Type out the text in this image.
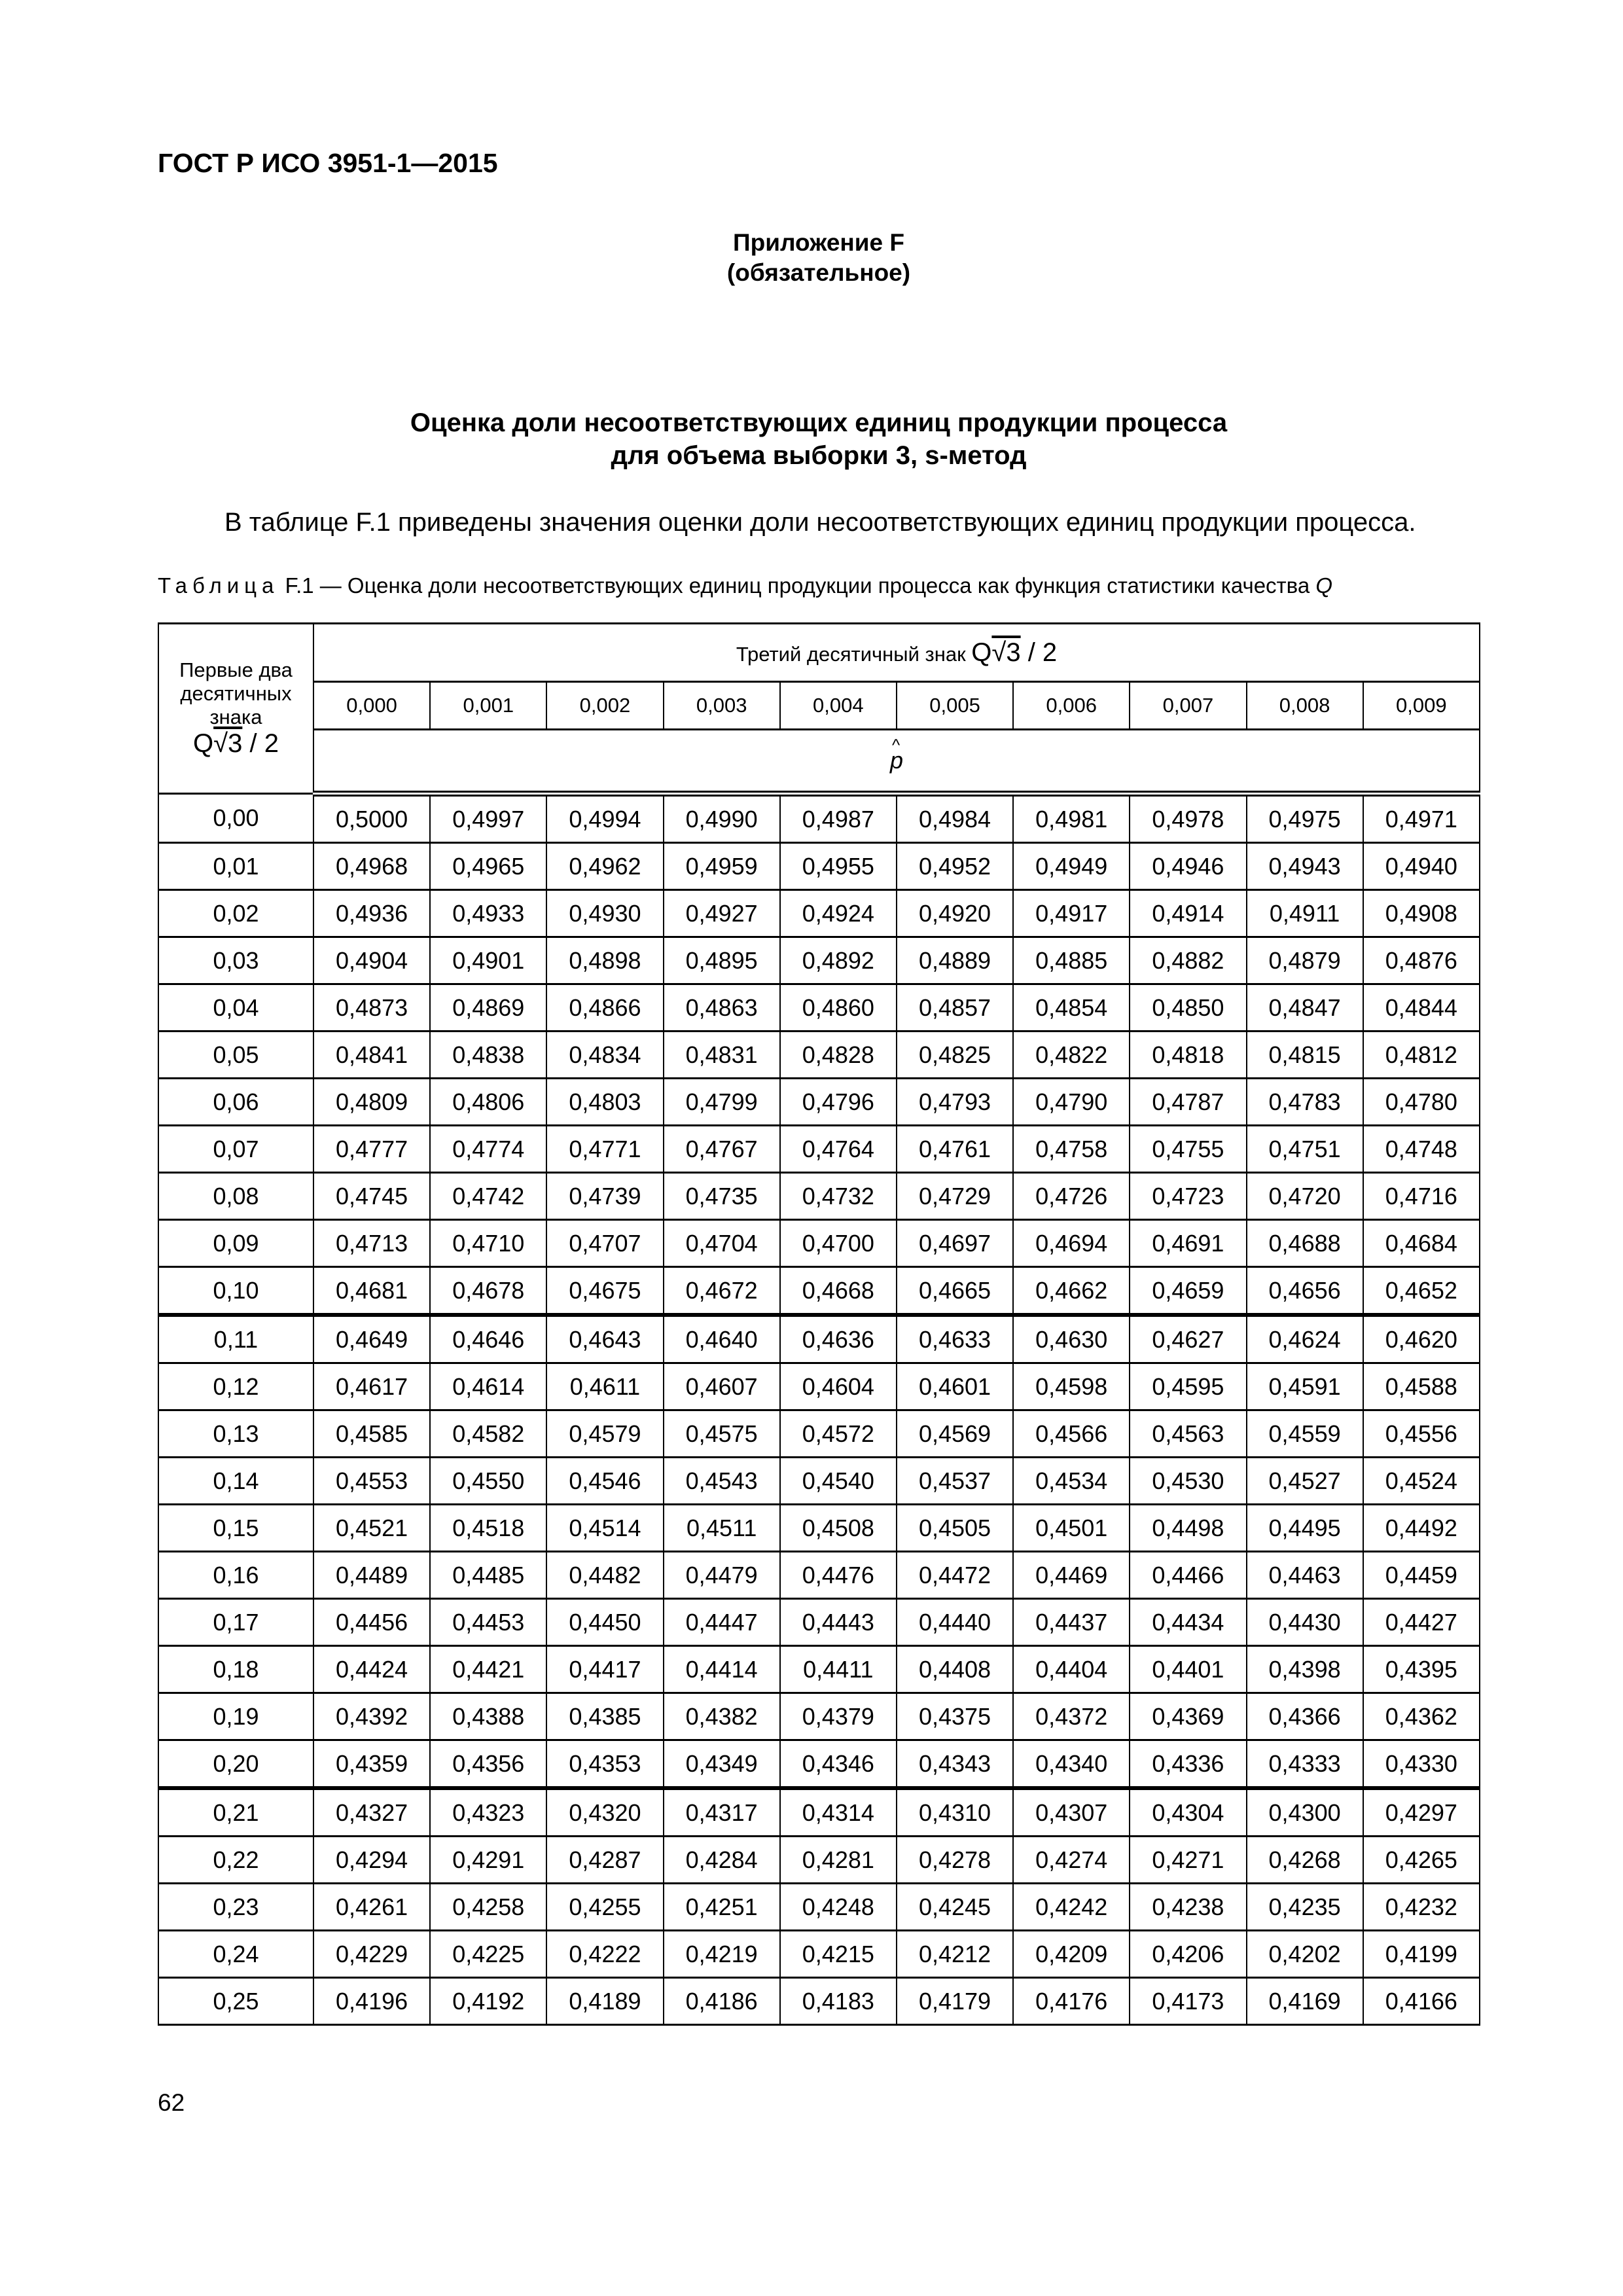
ГОСТ Р ИСО 3951-1—2015
Приложение F
(обязательное)
Оценка доли несоответствующих единиц продукции процесса
для объема выборки 3, s-метод
В таблице F.1 приведены значения оценки доли несоответствующих единиц продукции процесса.
Таблица F.1 — Оценка доли несоответствующих единиц продукции процесса как функция статистики качества Q
Первые два
десятичных
знака
Q√3 / 2	Третий десятичный знак Q√3 / 2									
	0,000	0,001	0,002	0,003	0,004	0,005	0,006	0,007	0,008	0,009
	^ p
0,00	0,5000	0,4997	0,4994	0,4990	0,4987	0,4984	0,4981	0,4978	0,4975	0,4971
0,01	0,4968	0,4965	0,4962	0,4959	0,4955	0,4952	0,4949	0,4946	0,4943	0,4940
0,02	0,4936	0,4933	0,4930	0,4927	0,4924	0,4920	0,4917	0,4914	0,4911	0,4908
0,03	0,4904	0,4901	0,4898	0,4895	0,4892	0,4889	0,4885	0,4882	0,4879	0,4876
0,04	0,4873	0,4869	0,4866	0,4863	0,4860	0,4857	0,4854	0,4850	0,4847	0,4844
0,05	0,4841	0,4838	0,4834	0,4831	0,4828	0,4825	0,4822	0,4818	0,4815	0,4812
0,06	0,4809	0,4806	0,4803	0,4799	0,4796	0,4793	0,4790	0,4787	0,4783	0,4780
0,07	0,4777	0,4774	0,4771	0,4767	0,4764	0,4761	0,4758	0,4755	0,4751	0,4748
0,08	0,4745	0,4742	0,4739	0,4735	0,4732	0,4729	0,4726	0,4723	0,4720	0,4716
0,09	0,4713	0,4710	0,4707	0,4704	0,4700	0,4697	0,4694	0,4691	0,4688	0,4684
0,10	0,4681	0,4678	0,4675	0,4672	0,4668	0,4665	0,4662	0,4659	0,4656	0,4652
0,11	0,4649	0,4646	0,4643	0,4640	0,4636	0,4633	0,4630	0,4627	0,4624	0,4620
0,12	0,4617	0,4614	0,4611	0,4607	0,4604	0,4601	0,4598	0,4595	0,4591	0,4588
0,13	0,4585	0,4582	0,4579	0,4575	0,4572	0,4569	0,4566	0,4563	0,4559	0,4556
0,14	0,4553	0,4550	0,4546	0,4543	0,4540	0,4537	0,4534	0,4530	0,4527	0,4524
0,15	0,4521	0,4518	0,4514	0,4511	0,4508	0,4505	0,4501	0,4498	0,4495	0,4492
0,16	0,4489	0,4485	0,4482	0,4479	0,4476	0,4472	0,4469	0,4466	0,4463	0,4459
0,17	0,4456	0,4453	0,4450	0,4447	0,4443	0,4440	0,4437	0,4434	0,4430	0,4427
0,18	0,4424	0,4421	0,4417	0,4414	0,4411	0,4408	0,4404	0,4401	0,4398	0,4395
0,19	0,4392	0,4388	0,4385	0,4382	0,4379	0,4375	0,4372	0,4369	0,4366	0,4362
0,20	0,4359	0,4356	0,4353	0,4349	0,4346	0,4343	0,4340	0,4336	0,4333	0,4330
0,21	0,4327	0,4323	0,4320	0,4317	0,4314	0,4310	0,4307	0,4304	0,4300	0,4297
0,22	0,4294	0,4291	0,4287	0,4284	0,4281	0,4278	0,4274	0,4271	0,4268	0,4265
0,23	0,4261	0,4258	0,4255	0,4251	0,4248	0,4245	0,4242	0,4238	0,4235	0,4232
0,24	0,4229	0,4225	0,4222	0,4219	0,4215	0,4212	0,4209	0,4206	0,4202	0,4199
0,25	0,4196	0,4192	0,4189	0,4186	0,4183	0,4179	0,4176	0,4173	0,4169	0,4166
62
